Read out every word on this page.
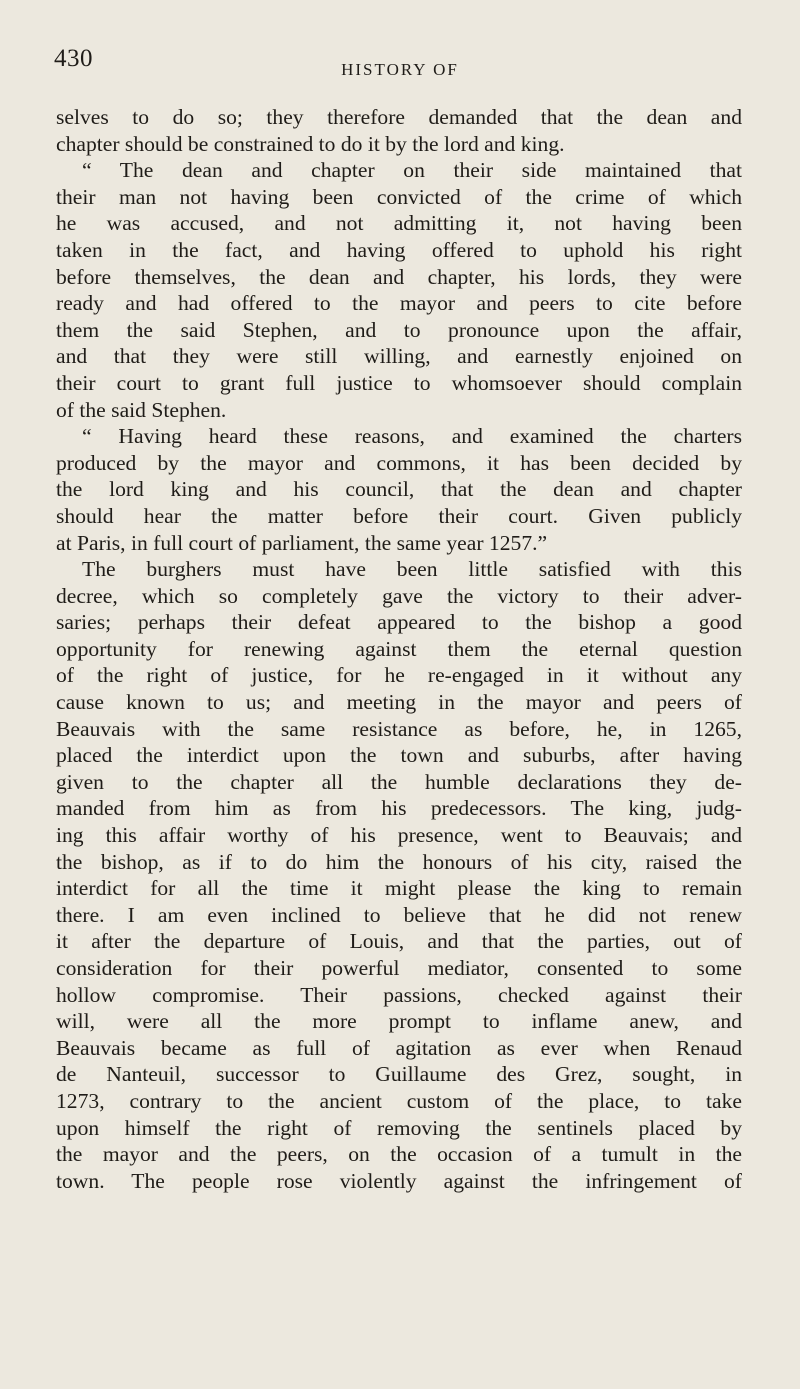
430	HISTORY OF
selves to do so; they therefore demanded that the dean and
chapter should be constrained to do it by the lord and king.
“ The dean and chapter on their side maintained that
their man not having been convicted of the crime of which
he was accused, and not admitting it, not having been
taken in the fact, and having offered to uphold his right
before themselves, the dean and chapter, his lords, they were
ready and had offered to the mayor and peers to cite before
them the said Stephen, and to pronounce upon the affair,
and that they were still willing, and earnestly enjoined on
their court to grant full justice to whomsoever should complain
of the said Stephen.
“ Having heard these reasons, and examined the charters
produced by the mayor and commons, it has been decided by
the lord king and his council, that the dean and chapter
should hear the matter before their court. Given publicly
at Paris, in full court of parliament, the same year 1257.”
The burghers must have been little satisfied with this
decree, which so completely gave the victory to their adver-
saries; perhaps their defeat appeared to the bishop a good
opportunity for renewing against them the eternal question
of the right of justice, for he re-engaged in it without any
cause known to us; and meeting in the mayor and peers of
Beauvais with the same resistance as before, he, in 1265,
placed the interdict upon the town and suburbs, after having
given to the chapter all the humble declarations they de-
manded from him as from his predecessors. The king, judg-
ing this affair worthy of his presence, went to Beauvais; and
the bishop, as if to do him the honours of his city, raised the
interdict for all the time it might please the king to remain
there. I am even inclined to believe that he did not renew
it after the departure of Louis, and that the parties, out of
consideration for their powerful mediator, consented to some
hollow compromise. Their passions, checked against their
will, were all the more prompt to inflame anew, and
Beauvais became as full of agitation as ever when Renaud
de Nanteuil, successor to Guillaume des Grez, sought, in
1273, contrary to the ancient custom of the place, to take
upon himself the right of removing the sentinels placed by
the mayor and the peers, on the occasion of a tumult in the
town. The people rose violently against the infringement of
